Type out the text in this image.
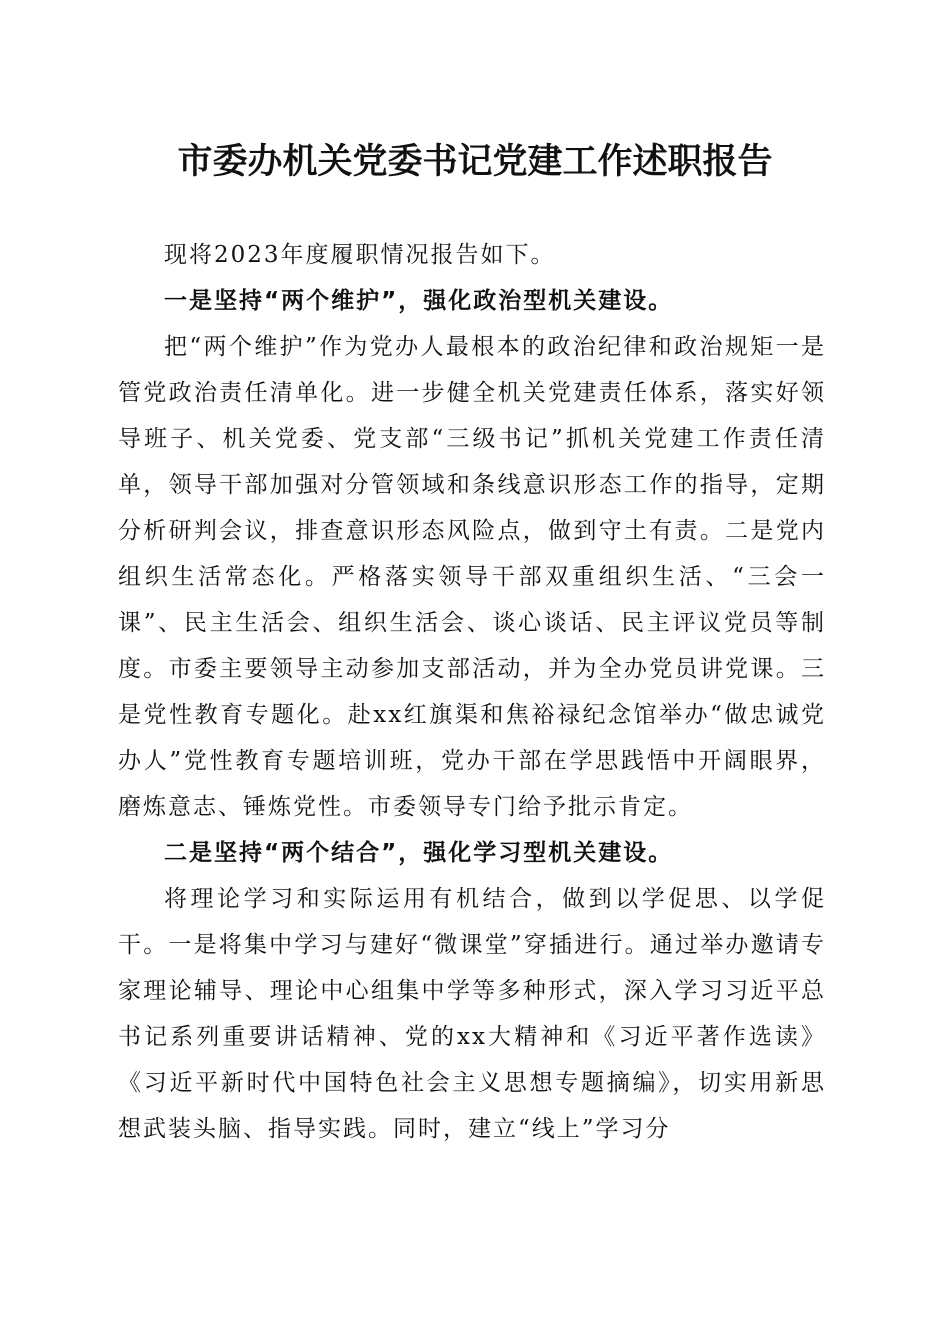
市委办机关党委书记党建工作述职报告

现将2023年度履职情况报告如下。

一是坚持“两个维护”，强化政治型机关建设。

把“两个维护”作为党办人最根本的政治纪律和政治规矩一是管党政治责任清单化。进一步健全机关党建责任体系，落实好领导班子、机关党委、党支部“三级书记”抓机关党建工作责任清单，领导干部加强对分管领域和条线意识形态工作的指导，定期分析研判会议，排查意识形态风险点，做到守土有责。二是党内组织生活常态化。严格落实领导干部双重组织生活、“三会一课”、民主生活会、组织生活会、谈心谈话、民主评议党员等制度。市委主要领导主动参加支部活动，并为全办党员讲党课。三是党性教育专题化。赴xx红旗渠和焦裕禄纪念馆举办“做忠诚党办人”党性教育专题培训班，党办干部在学思践悟中开阔眼界，磨炼意志、锤炼党性。市委领导专门给予批示肯定。

二是坚持“两个结合”，强化学习型机关建设。

将理论学习和实际运用有机结合，做到以学促思、以学促干。一是将集中学习与建好“微课堂”穿插进行。通过举办邀请专家理论辅导、理论中心组集中学等多种形式，深入学习习近平总书记系列重要讲话精神、党的xx大精神和《习近平著作选读》《习近平新时代中国特色社会主义思想专题摘编》，切实用新思想武装头脑、指导实践。同时，建立“线上”学习分
